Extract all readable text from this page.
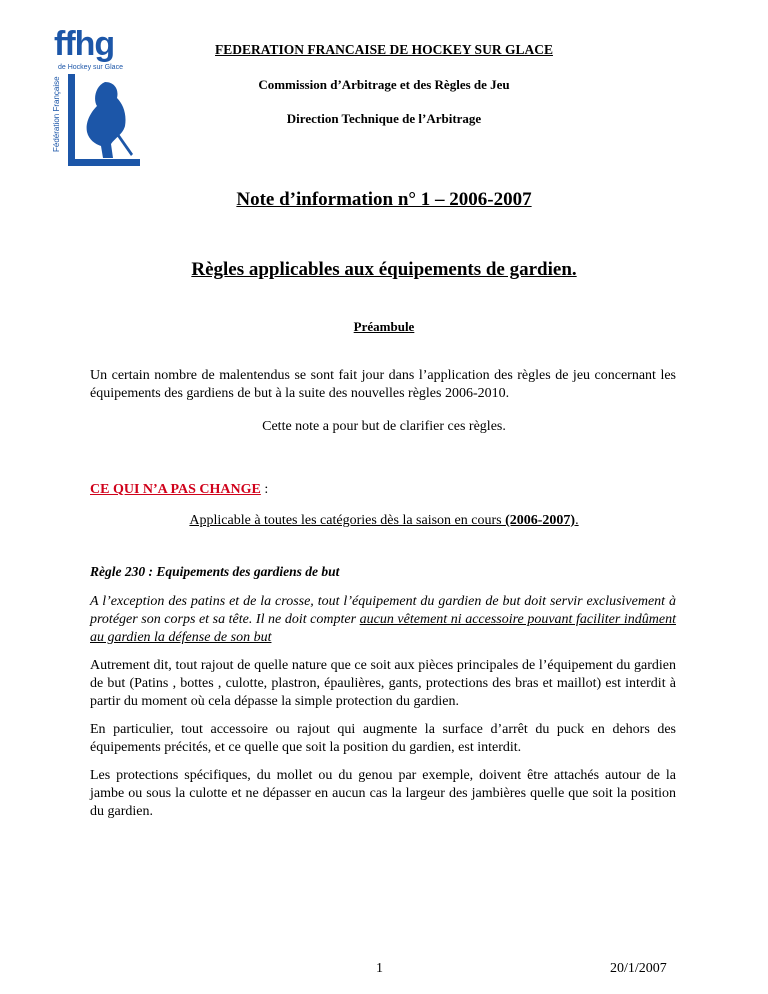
ffhg
de Hockey sur Glace
Fédération Française
FEDERATION FRANCAISE DE HOCKEY SUR GLACE
Commission d’Arbitrage et des Règles de Jeu
Direction Technique de l’Arbitrage
Note d’information n° 1 – 2006-2007
Règles applicables aux équipements de gardien.
Préambule
Un certain nombre de malentendus se sont fait jour dans l’application des règles de jeu concernant les équipements des gardiens de but à la suite des nouvelles règles 2006-2010.
Cette note a pour but de clarifier ces règles.
CE QUI N’A PAS CHANGE :
Applicable à toutes les catégories dès la saison en cours (2006-2007).
Règle 230 : Equipements des gardiens de but
A l’exception des patins et de la crosse, tout l’équipement du gardien de but doit servir exclusivement à protéger son corps et sa tête. Il ne doit compter aucun vêtement ni accessoire pouvant faciliter indûment au gardien la défense de son but
Autrement dit, tout rajout de quelle nature que ce soit aux pièces principales de l’équipement du gardien de but (Patins , bottes , culotte, plastron, épaulières, gants, protections des bras et maillot) est interdit à partir du moment où cela dépasse la simple protection du gardien.
En particulier, tout accessoire ou rajout qui augmente la surface d’arrêt du puck en dehors des équipements précités, et ce quelle que soit la position du gardien, est interdit.
Les protections spécifiques, du mollet ou du genou par exemple, doivent être attachés autour de la jambe ou sous la culotte et ne dépasser en aucun cas la largeur des jambières quelle que soit la position du gardien.
1	20/1/2007
